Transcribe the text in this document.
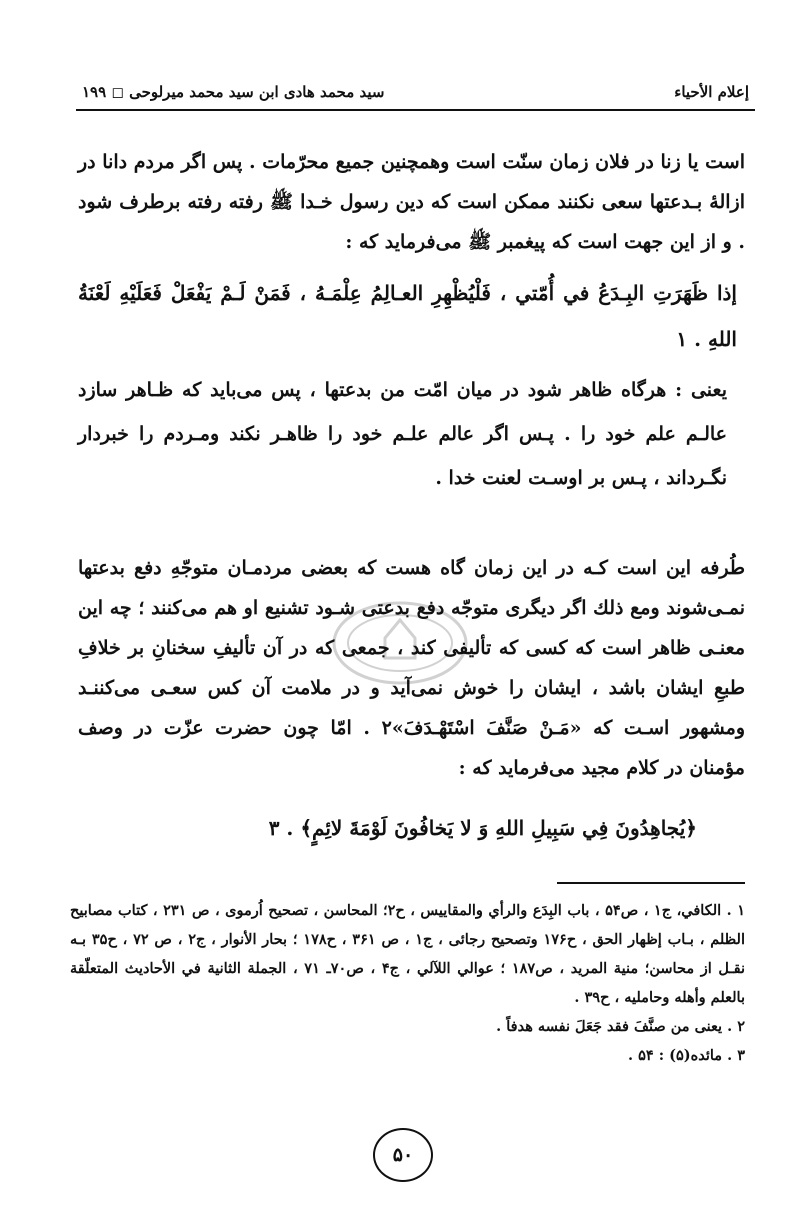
إعلام الأحياء
سيد محمد هادی ابن سيد محمد ميرلوحى ◻ ۱۹۹
است یا زنا در فلان زمان سنّت است وهمچنین جمیع محرّمات . پس اگر مردم دانا در ازالهٔ بـدعتها سعی نکنند ممکن است که دین رسول خـدا ﷺ رفته رفته برطرف شود . و از این جهت است که پیغمبر ﷺ می‌فرماید که :
إذا ظَهَرَتِ البِـدَعُ في أُمّتي ، فَلْيُظْهِرِ العـالِمُ عِلْمَـهُ ، فَمَنْ لَـمْ يَفْعَلْ فَعَلَيْهِ لَعْنَةُ اللهِ . ۱
یعنی : هرگاه ظاهر شود در میان امّت من بدعتها ، پس می‌باید که ظـاهر سازد عالـم علم خود را . پـس اگر عالم علـم خود را ظاهـر نکند ومـردم را خبردار نگـرداند ، پـس بر اوسـت لعنت خدا .
طُرفه این است کـه در این زمان گاه هست که بعضی مردمـان متوجّهِ دفع بدعتها نمـی‌شوند ومع ذلك اگر دیگری متوجّه دفع بدعتی شـود تشنیع او هم می‌کنند ؛ چه این معنـی ظاهر است که کسی که تألیفی کند ، جمعی که در آن تألیفِ سخنانِ بر خلافِ طبعِ ایشان باشد ، ایشان را خوش نمی‌آید و در ملامت آن کس سعـی می‌کننـد ومشهور اسـت که «مَـنْ صَنَّفَ اسْتَهْـدَفَ»۲ . امّا چون حضرت عزّت در وصف مؤمنان در کلام مجید می‌فرماید که :
﴿يُجاهِدُونَ فِي سَبِيلِ اللهِ وَ لا يَخافُونَ لَوْمَةَ لائِمٍ﴾ . ۳

۱ . الكافي، ج۱ ، ص۵۴ ، باب البِدَع والرأي والمقاييس ، ح۲؛ المحاسن ، تصحیح اُرموی ، ص ۲۳۱ ، کتاب مصابیح الظلم ، بـاب إظهار الحق ، ح۱۷۶ وتصحیح رجائی ، ج۱ ، ص ۳۶۱ ، ح۱۷۸ ؛ بحار الأنوار ، ج۲ ، ص ۷۲ ، ح۳۵ بـه نقـل از محاسن؛ منية المريد ، ص۱۸۷ ؛ عوالي اللآلي ، ج۴ ، ص۷۰ـ ۷۱ ، الجملة الثانية في الأحاديث المتعلّقة بالعلم وأهله وحامليه ، ح۳۹ .

۲ . يعنى من صنَّفَ فقد جَعَلَ نفسه هدفاً .

۳ . مائده(۵) : ۵۴ .

۵۰
